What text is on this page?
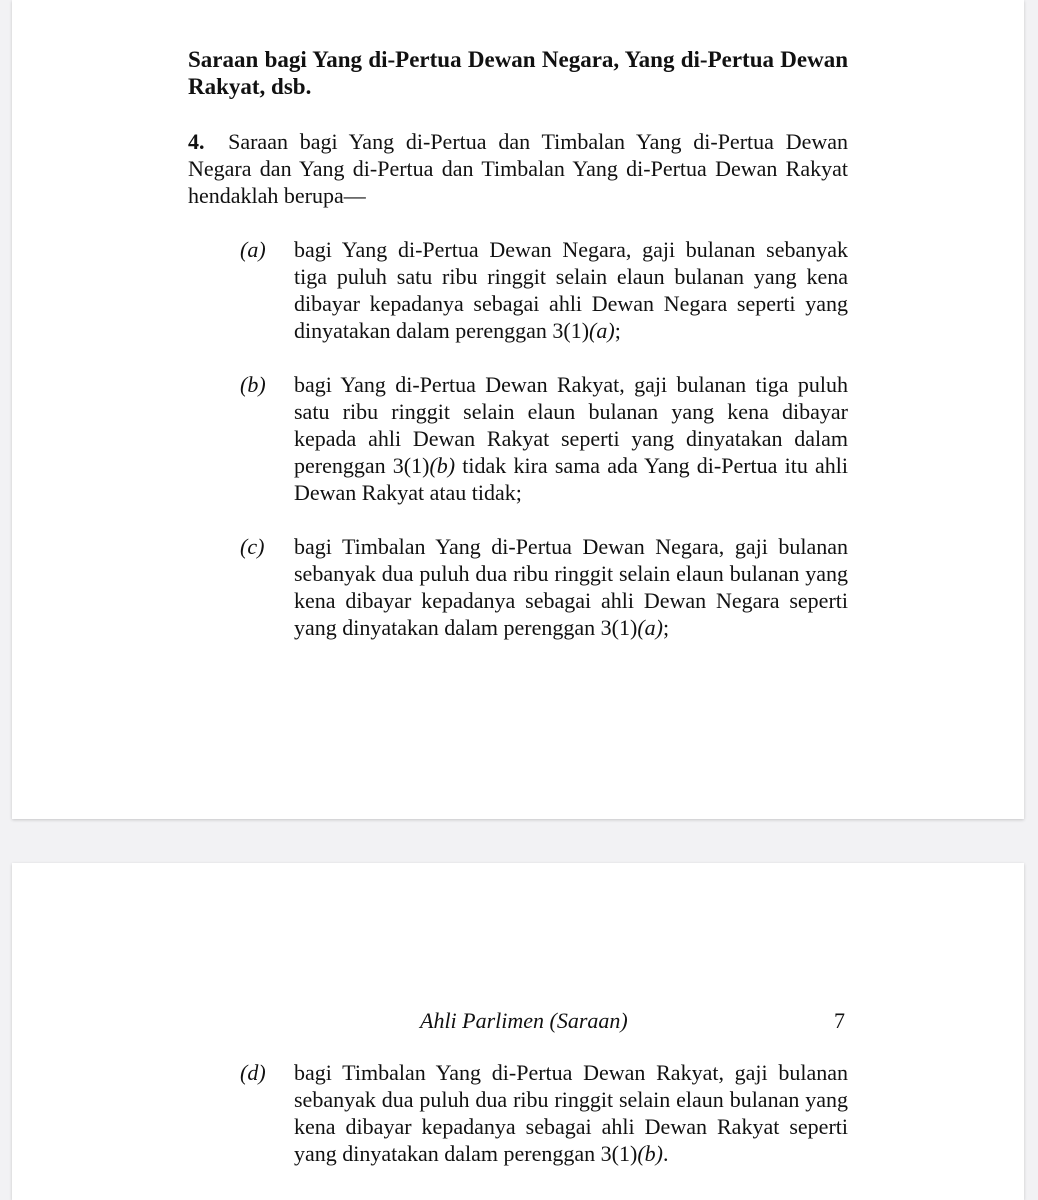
Saraan bagi Yang di-Pertua Dewan Negara, Yang di-Pertua Dewan Rakyat, dsb.
4. Saraan bagi Yang di-Pertua dan Timbalan Yang di-Pertua Dewan Negara dan Yang di-Pertua dan Timbalan Yang di-Pertua Dewan Rakyat hendaklah berupa—
(a)	bagi Yang di-Pertua Dewan Negara, gaji bulanan sebanyak tiga puluh satu ribu ringgit selain elaun bulanan yang kena dibayar kepadanya sebagai ahli Dewan Negara seperti yang dinyatakan dalam perenggan 3(1)(a);
(b)	bagi Yang di-Pertua Dewan Rakyat, gaji bulanan tiga puluh satu ribu ringgit selain elaun bulanan yang kena dibayar kepada ahli Dewan Rakyat seperti yang dinyatakan dalam perenggan 3(1)(b) tidak kira sama ada Yang di-Pertua itu ahli Dewan Rakyat atau tidak;
(c)	bagi Timbalan Yang di-Pertua Dewan Negara, gaji bulanan sebanyak dua puluh dua ribu ringgit selain elaun bulanan yang kena dibayar kepadanya sebagai ahli Dewan Negara seperti yang dinyatakan dalam perenggan 3(1)(a);
Ahli Parlimen (Saraan)	7
(d)	bagi Timbalan Yang di-Pertua Dewan Rakyat, gaji bulanan sebanyak dua puluh dua ribu ringgit selain elaun bulanan yang kena dibayar kepadanya sebagai ahli Dewan Rakyat seperti yang dinyatakan dalam perenggan 3(1)(b).
